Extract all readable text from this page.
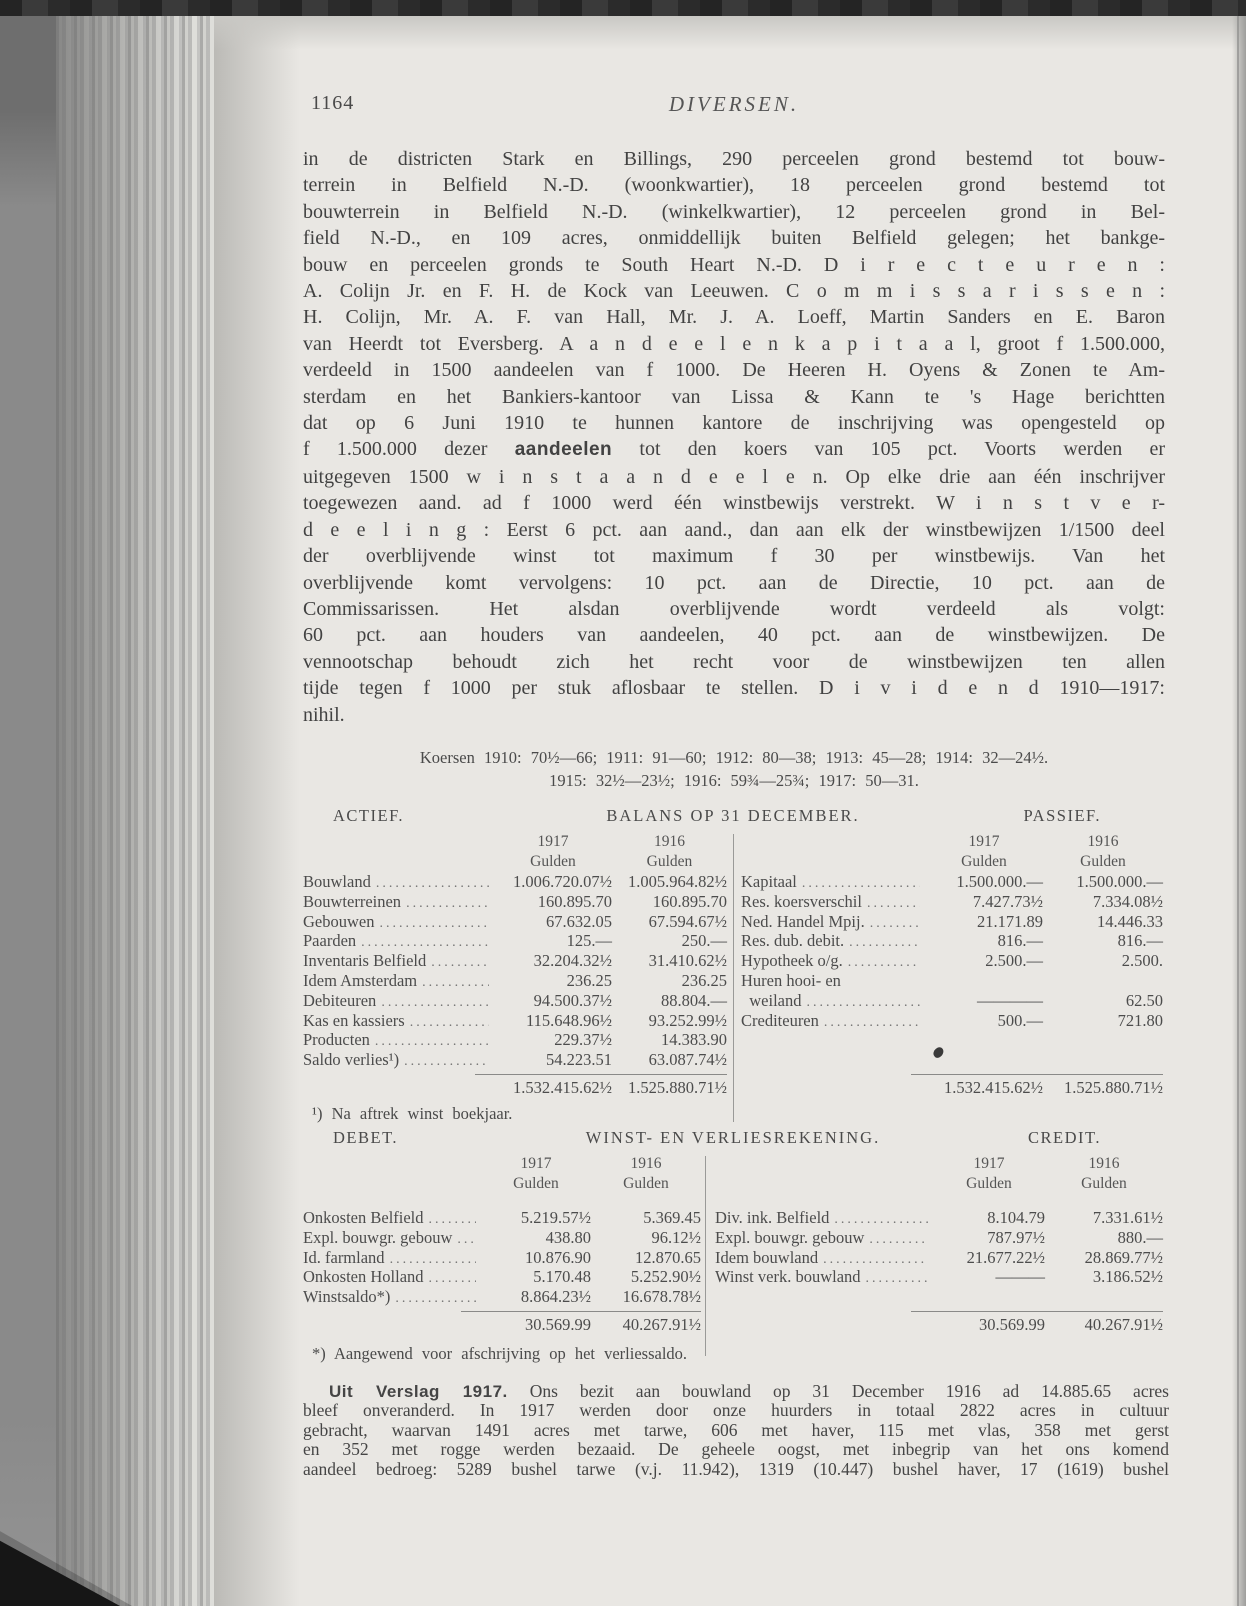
1164	DIVERSEN.
in de districten Stark en Billings, 290 perceelen grond bestemd tot bouw-
terrein in Belfield N.-D. (woonkwartier), 18 perceelen grond bestemd tot
bouwterrein in Belfield N.-D. (winkelkwartier), 12 perceelen grond in Bel-
field N.-D., en 109 acres, onmiddellijk buiten Belfield gelegen; het bankge-
bouw en perceelen gronds te South Heart N.-D. D i r e c t e u r e n :
A. Colijn Jr. en F. H. de Kock van Leeuwen. C o m m i s s a r i s s e n :
H. Colijn, Mr. A. F. van Hall, Mr. J. A. Loeff, Martin Sanders en E. Baron
van Heerdt tot Eversberg. A a n d e e l e n k a p i t a a l, groot f 1.500.000,
verdeeld in 1500 aandeelen van f 1000. De Heeren H. Oyens & Zonen te Am-
sterdam en het Bankiers-kantoor van Lissa & Kann te 's Hage berichtten
dat op 6 Juni 1910 te hunnen kantore de inschrijving was opengesteld op
f 1.500.000 dezer aandeelen tot den koers van 105 pct. Voorts werden er
uitgegeven 1500 w i n s t a a n d e e l e n. Op elke drie aan één inschrijver
toegewezen aand. ad f 1000 werd één winstbewijs verstrekt. W i n s t v e r-
d e e l i n g : Eerst 6 pct. aan aand., dan aan elk der winstbewijzen 1/1500 deel
der overblijvende winst tot maximum f 30 per winstbewijs. Van het
overblijvende komt vervolgens: 10 pct. aan de Directie, 10 pct. aan de
Commissarissen. Het alsdan overblijvende wordt verdeeld als volgt:
60 pct. aan houders van aandeelen, 40 pct. aan de winstbewijzen. De
vennootschap behoudt zich het recht voor de winstbewijzen ten allen
tijde tegen f 1000 per stuk aflosbaar te stellen. D i v i d e n d 1910—1917:
nihil.
Koersen 1910: 70½—66; 1911: 91—60; 1912: 80—38; 1913: 45—28; 1914: 32—24½.
1915: 32½—23½; 1916: 59¾—25¾; 1917: 50—31.
ACTIEF.	BALANS OP 31 DECEMBER.	PASSIEF.
1917	1916
Gulden	Gulden
Bouwland .....	1.006.720.07½ 1.005.964.82½
Bouwterreinen .....	160.895.70	160.895.70
Gebouwen .....	67.632.05	67.594.67½
Paarden .....	125.—	250.—
Inventaris Belfield .....	32.204.32½	31.410.62½
Idem Amsterdam .....	236.25	236.25
Debiteuren .....	94.500.37½	88.804.—
Kas en kassiers .....	115.648.96½	93.252.99½
Producten .....	229.37½	14.383.90
Saldo verlies¹) .....	54.223.51	63.087.74½
1.532.415.62½ 1.525.880.71½
1917	1916
Gulden	Gulden
Kapitaal .....	1.500.000.—	1.500.000.—
Res. koersverschil .....	7.427.73½	7.334.08½
Ned. Handel Mpij. .....	21.171.89	14.446.33
Res. dub. debit. .....	816.—	816.—
Hypotheek o/g. .....	2.500.—	2.500.
Huren hooi- en
weiland .....	————	62.50
Crediteuren .....	500.—	721.80
1.532.415.62½	1.525.880.71½
¹) Na aftrek winst boekjaar.
DEBET.	WINST- EN VERLIESREKENING.	CREDIT.
1917	1916
Gulden	Gulden
Onkosten Belfield .....	5.219.57½	5.369.45
Expl. bouwgr. gebouw .....	438.80	96.12½
Id. farmland .....	10.876.90	12.870.65
Onkosten Holland .....	5.170.48	5.252.90½
Winstsaldo*) .....	8.864.23½	16.678.78½
30.569.99	40.267.91½
1917	1916
Gulden	Gulden
Div. ink. Belfield .....	8.104.79	7.331.61½
Expl. bouwgr. gebouw .....	787.97½	880.—
Idem bouwland .....	21.677.22½	28.869.77½
Winst verk. bouwland .....	———	3.186.52½
30.569.99	40.267.91½
*) Aangewend voor afschrijving op het verliessaldo.
Uit Verslag 1917. Ons bezit aan bouwland op 31 December 1916 ad 14.885.65 acres
bleef onveranderd. In 1917 werden door onze huurders in totaal 2822 acres in cultuur
gebracht, waarvan 1491 acres met tarwe, 606 met haver, 115 met vlas, 358 met gerst
en 352 met rogge werden bezaaid. De geheele oogst, met inbegrip van het ons komend
aandeel bedroeg: 5289 bushel tarwe (v.j. 11.942), 1319 (10.447) bushel haver, 17 (1619) bushel
